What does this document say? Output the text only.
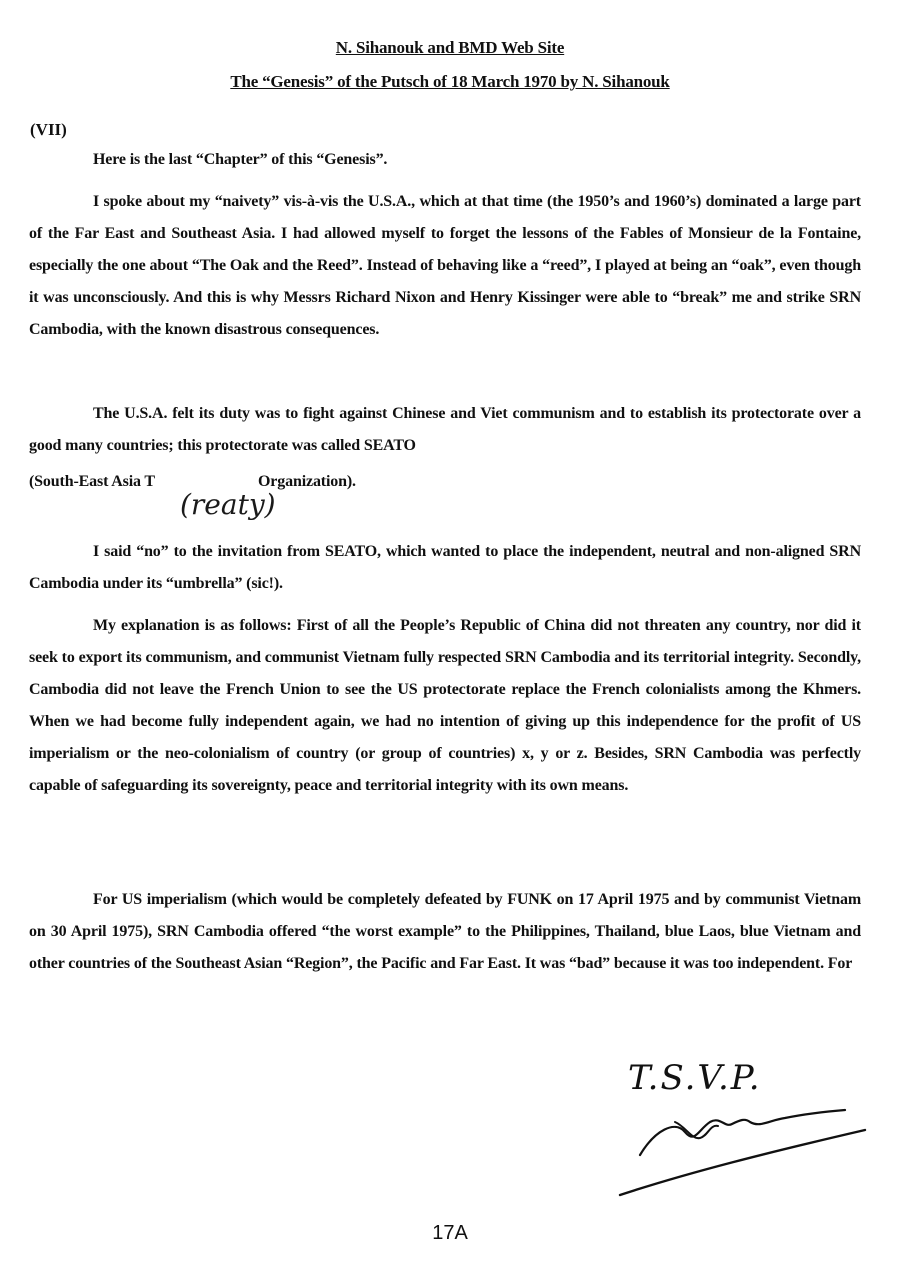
N. Sihanouk and BMD Web Site
The “Genesis” of the Putsch of 18 March 1970 by N. Sihanouk
(VII)
Here is the last “Chapter” of this “Genesis”.
I spoke about my “naivety” vis-à-vis the U.S.A., which at that time (the 1950’s and 1960’s) dominated a large part of the Far East and Southeast Asia. I had allowed myself to forget the lessons of the Fables of Monsieur de la Fontaine, especially the one about “The Oak and the Reed”. Instead of behaving like a “reed”, I played at being an “oak”, even though it was unconsciously. And this is why Messrs Richard Nixon and Henry Kissinger were able to “break” me and strike SRN Cambodia, with the known disastrous consequences.
The U.S.A. felt its duty was to fight against Chinese and Viet communism and to establish its protectorate over a good many countries; this protectorate was called SEATO
(South-East Asia T	Organization).
(reaty)
I said “no” to the invitation from SEATO, which wanted to place the independent, neutral and non-aligned SRN Cambodia under its “umbrella” (sic!).
My explanation is as follows: First of all the People’s Republic of China did not threaten any country, nor did it seek to export its communism, and communist Vietnam fully respected SRN Cambodia and its territorial integrity. Secondly, Cambodia did not leave the French Union to see the US protectorate replace the French colonialists among the Khmers. When we had become fully independent again, we had no intention of giving up this independence for the profit of US imperialism or the neo-colonialism of country (or group of countries) x, y or z. Besides, SRN Cambodia was perfectly capable of safeguarding its sovereignty, peace and territorial integrity with its own means.
For US imperialism (which would be completely defeated by FUNK on 17 April 1975 and by communist Vietnam on 30 April 1975), SRN Cambodia offered “the worst example” to the Philippines, Thailand, blue Laos, blue Vietnam and other countries of the Southeast Asian “Region”, the Pacific and Far East. It was “bad” because it was too independent. For
T.S.V.P.
17A
